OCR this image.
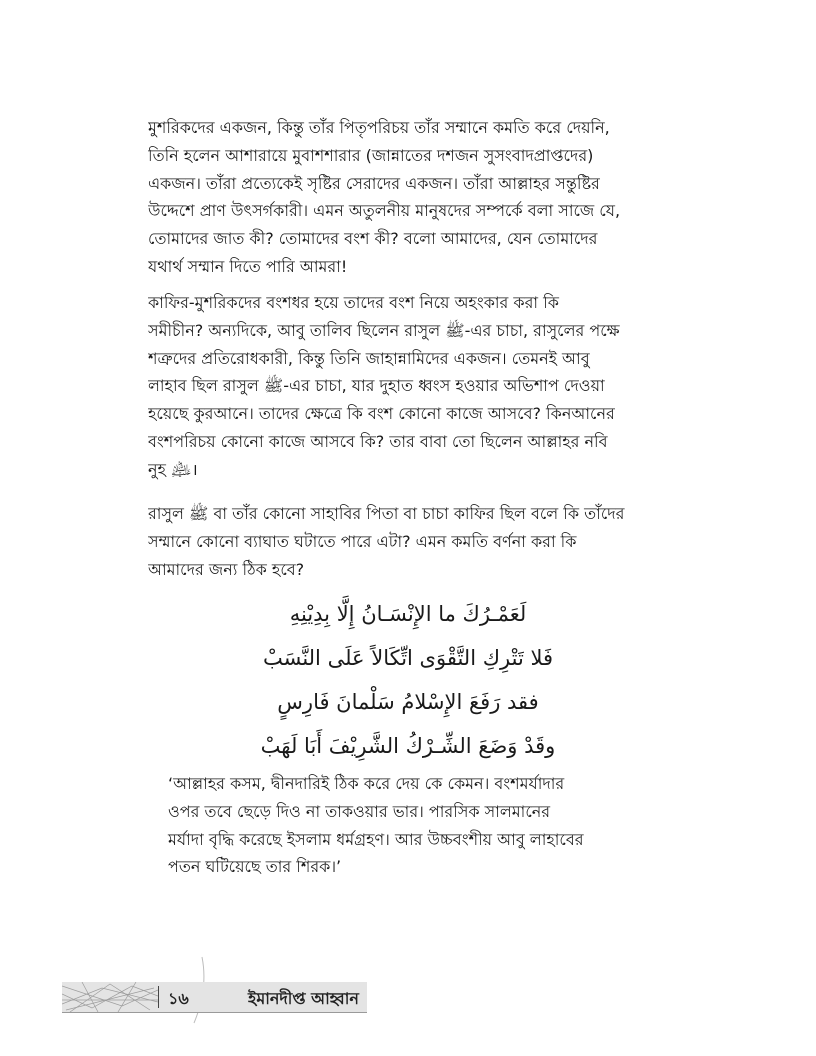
মুশরিকদের একজন, কিন্তু তাঁর পিতৃপরিচয় তাঁর সম্মানে কমতি করে দেয়নি,
তিনি হলেন আশারায়ে মুবাশশারার (জান্নাতের দশজন সুসংবাদপ্রাপ্তদের)
একজন। তাঁরা প্রত্যেকেই সৃষ্টির সেরাদের একজন। তাঁরা আল্লাহর সন্তুষ্টির
উদ্দেশে প্রাণ উৎসর্গকারী। এমন অতুলনীয় মানুষদের সম্পর্কে বলা সাজে যে,
তোমাদের জাত কী? তোমাদের বংশ কী? বলো আমাদের, যেন তোমাদের
যথার্থ সম্মান দিতে পারি আমরা!
কাফির-মুশরিকদের বংশধর হয়ে তাদের বংশ নিয়ে অহংকার করা কি
সমীচীন? অন্যদিকে, আবু তালিব ছিলেন রাসুল ﷺ-এর চাচা, রাসুলের পক্ষে
শত্রুদের প্রতিরোধকারী, কিন্তু তিনি জাহান্নামিদের একজন। তেমনই আবু
লাহাব ছিল রাসুল ﷺ-এর চাচা, যার দুহাত ধ্বংস হওয়ার অভিশাপ দেওয়া
হয়েছে কুরআনে। তাদের ক্ষেত্রে কি বংশ কোনো কাজে আসবে? কিনআনের
বংশপরিচয় কোনো কাজে আসবে কি? তার বাবা তো ছিলেন আল্লাহর নবি
নুহ ﵇।
রাসুল ﷺ বা তাঁর কোনো সাহাবির পিতা বা চাচা কাফির ছিল বলে কি তাঁদের
সম্মানে কোনো ব্যাঘাত ঘটাতে পারে এটা? এমন কমতি বর্ণনা করা কি
আমাদের জন্য ঠিক হবে?
لَعَمْـرُكَ ما الإِنْسَـانُ إِلَّا بِدِيْنِهِ
فَلا تَتْرِكِ التَّقْوَى اتِّكَالاً عَلَى النَّسَبْ
فقد رَفَعَ الإِسْلامُ سَلْمانَ فَارِسٍ
وقَدْ وَضَعَ الشِّـرْكُ الشَّرِيْفَ أَبَا لَهَبْ
‘আল্লাহর কসম, দ্বীনদারিই ঠিক করে দেয় কে কেমন। বংশমর্যাদার
ওপর তবে ছেড়ে দিও না তাকওয়ার ভার। পারসিক সালমানের
মর্যাদা বৃদ্ধি করেছে ইসলাম ধর্মগ্রহণ। আর উচ্চবংশীয় আবু লাহাবের
পতন ঘটিয়েছে তার শিরক।’
১৬	ইমানদীপ্ত আহ্বান
